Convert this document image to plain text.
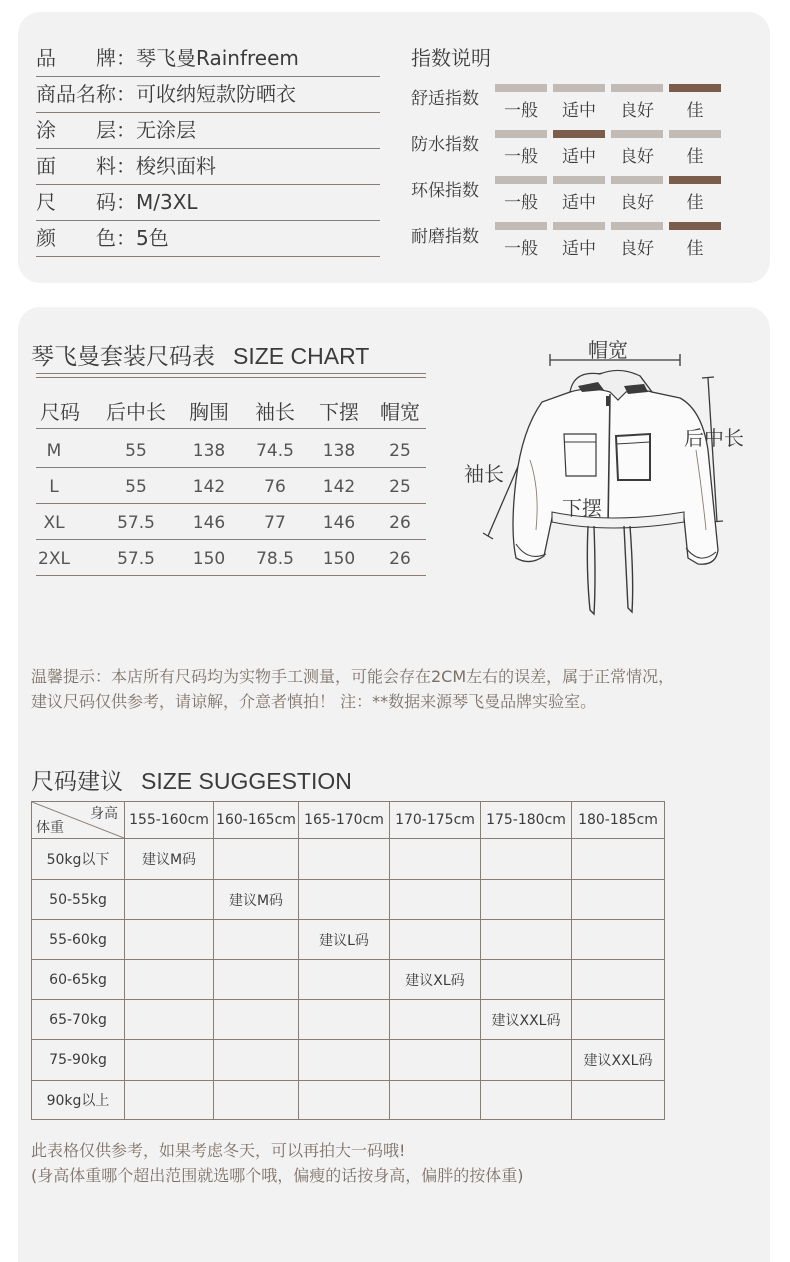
品　　牌：琴飞曼Rainfreem
商品名称：可收纳短款防晒衣
涂　　层：无涂层
面　　料：梭织面料
尺　　码：M/3XL
颜　　色：5色
指数说明
舒适指数
一般	适中	良好	佳
防水指数
一般	适中	良好	佳
环保指数
一般	适中	良好	佳
耐磨指数
一般	适中	良好	佳
琴飞曼套装尺码表 SIZE CHART
尺码	后中长	胸围	袖长	下摆	帽宽
M	55	138	74.5	138	25
L	55	142	76	142	25
XL	57.5	146	77	146	26
2XL	57.5	150	78.5	150	26
帽宽
后中长
袖长
下摆
温馨提示：本店所有尺码均为实物手工测量，可能会存在2CM左右的误差，属于正常情况，
建议尺码仅供参考，请谅解，介意者慎拍！ 注：**数据来源琴飞曼品牌实验室。
尺码建议 SIZE SUGGESTION
身高
体重	155-160cm	160-165cm	165-170cm	170-175cm	175-180cm	180-185cm
50kg以下	建议M码					
50-55kg		建议M码				
55-60kg			建议L码			
60-65kg				建议XL码		
65-70kg					建议XXL码	
75-90kg						建议XXL码
90kg以上						
此表格仅供参考，如果考虑冬天，可以再拍大一码哦!
(身高体重哪个超出范围就选哪个哦，偏瘦的话按身高，偏胖的按体重)
